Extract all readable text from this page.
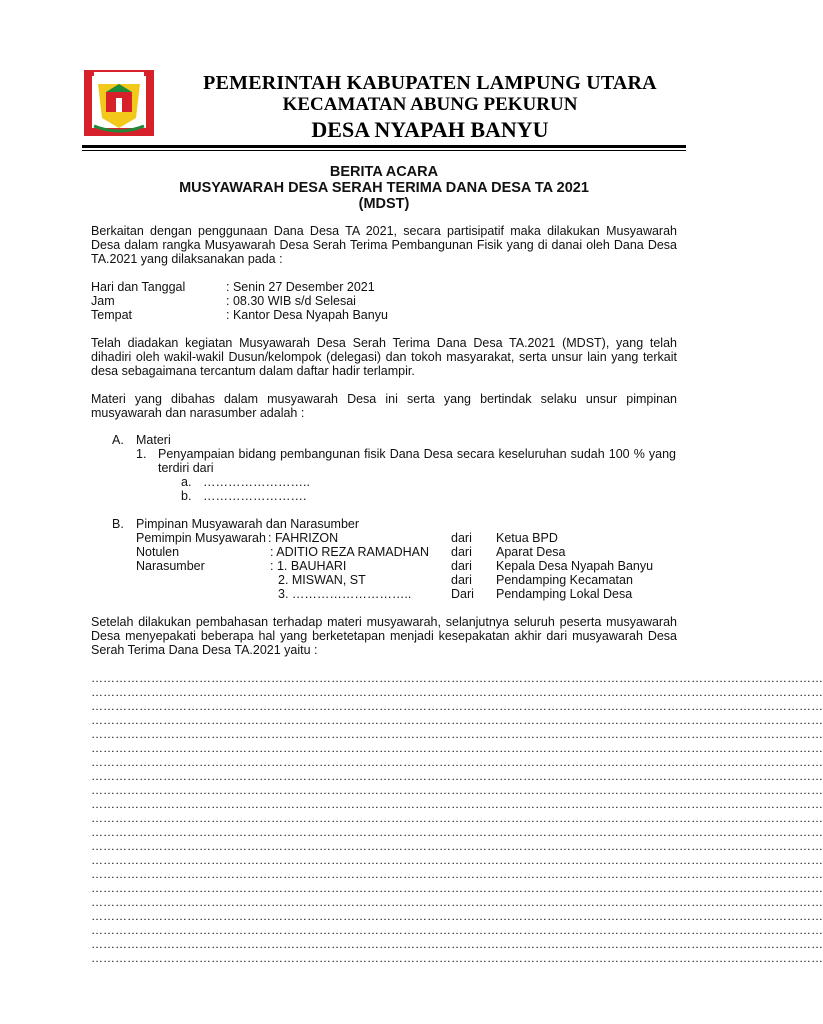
PEMERINTAH KABUPATEN LAMPUNG UTARA
KECAMATAN ABUNG PEKURUN
DESA NYAPAH BANYU
BERITA ACARA
MUSYAWARAH DESA SERAH TERIMA DANA DESA TA 2021
(MDST)
Berkaitan dengan penggunaan Dana Desa TA 2021, secara partisipatif maka dilakukan Musyawarah Desa dalam rangka Musyawarah Desa Serah Terima Pembangunan Fisik yang di danai oleh Dana Desa TA.2021 yang dilaksanakan pada :
Hari dan Tanggal	: Senin 27 Desember 2021
Jam	: 08.30 WIB s/d Selesai
Tempat	: Kantor Desa Nyapah Banyu
Telah diadakan kegiatan Musyawarah Desa Serah Terima Dana Desa TA.2021 (MDST), yang telah dihadiri oleh wakil-wakil Dusun/kelompok (delegasi) dan tokoh masyarakat, serta unsur lain yang terkait desa sebagaimana tercantum dalam daftar hadir terlampir.
Materi yang dibahas dalam musyawarah Desa ini serta yang bertindak selaku unsur pimpinan musyawarah dan narasumber adalah :
A. Materi
1. Penyampaian bidang pembangunan fisik Dana Desa secara keseluruhan sudah 100 % yang terdiri dari
a. ……………………..
b. …………………….
B. Pimpinan Musyawarah dan Narasumber
Pemimpin Musyawarah : FAHRIZON	dari Ketua BPD
Notulen	: ADITIO REZA RAMADHAN dari Aparat Desa
Narasumber	: 1. BAUHARI	dari Kepala Desa Nyapah Banyu
2. MISWAN, ST	dari Pendamping Kecamatan
3. ………………………..	Dari Pendamping Lokal Desa
Setelah dilakukan pembahasan terhadap materi musyawarah, selanjutnya seluruh peserta musyawarah Desa menyepakati beberapa hal yang berketetapan menjadi kesepakatan akhir dari musyawarah Desa Serah Terima Dana Desa TA.2021 yaitu :
…………………………………………………………………………………………………………………………………………………………………
…………………………………………………………………………………………………………………………………………………………………
…………………………………………………………………………………………………………………………………………………………………
…………………………………………………………………………………………………………………………………………………………………
…………………………………………………………………………………………………………………………………………………………………
…………………………………………………………………………………………………………………………………………………………………
…………………………………………………………………………………………………………………………………………………………………
…………………………………………………………………………………………………………………………………………………………………
…………………………………………………………………………………………………………………………………………………………………
…………………………………………………………………………………………………………………………………………………………………
…………………………………………………………………………………………………………………………………………………………………
…………………………………………………………………………………………………………………………………………………………………
…………………………………………………………………………………………………………………………………………………………………
…………………………………………………………………………………………………………………………………………………………………
…………………………………………………………………………………………………………………………………………………………………
…………………………………………………………………………………………………………………………………………………………………
…………………………………………………………………………………………………………………………………………………………………
…………………………………………………………………………………………………………………………………………………………………
…………………………………………………………………………………………………………………………………………………………………
…………………………………………………………………………………………………………………………………………………………………
…………………………………………………………………………………………………………………………………………………………………
